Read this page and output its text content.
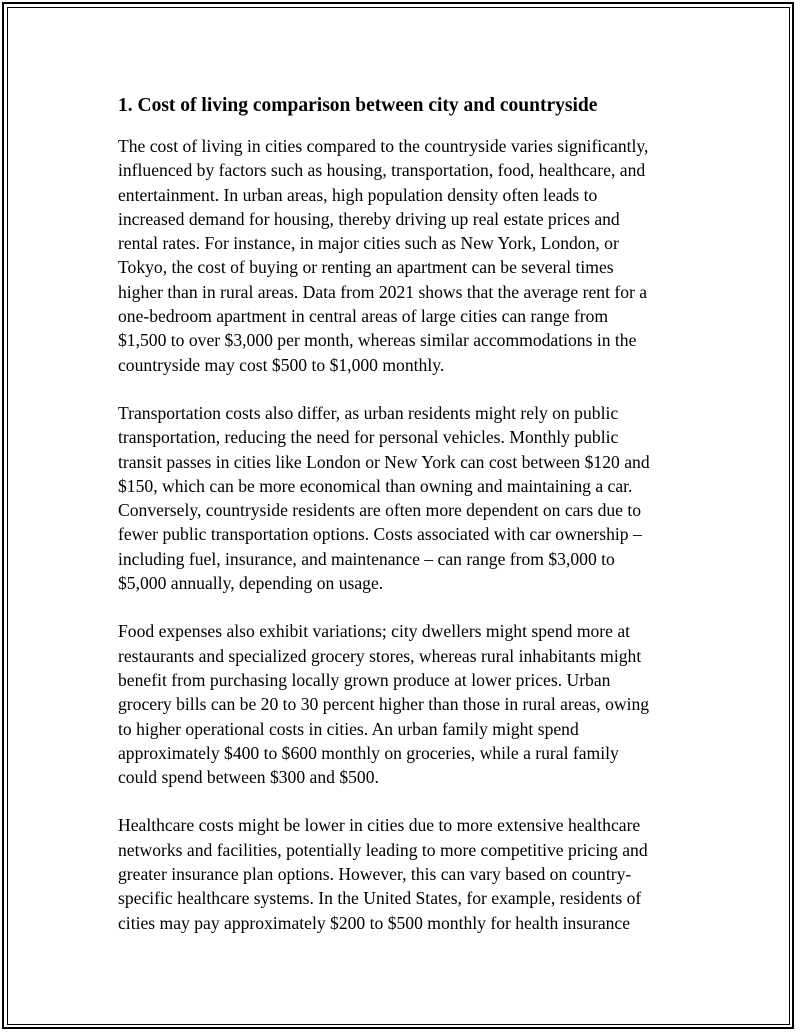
1. Cost of living comparison between city and countryside

The cost of living in cities compared to the countryside varies significantly,
influenced by factors such as housing, transportation, food, healthcare, and
entertainment. In urban areas, high population density often leads to
increased demand for housing, thereby driving up real estate prices and
rental rates. For instance, in major cities such as New York, London, or
Tokyo, the cost of buying or renting an apartment can be several times
higher than in rural areas. Data from 2021 shows that the average rent for a
one-bedroom apartment in central areas of large cities can range from
$1,500 to over $3,000 per month, whereas similar accommodations in the
countryside may cost $500 to $1,000 monthly.

Transportation costs also differ, as urban residents might rely on public
transportation, reducing the need for personal vehicles. Monthly public
transit passes in cities like London or New York can cost between $120 and
$150, which can be more economical than owning and maintaining a car.
Conversely, countryside residents are often more dependent on cars due to
fewer public transportation options. Costs associated with car ownership –
including fuel, insurance, and maintenance – can range from $3,000 to
$5,000 annually, depending on usage.

Food expenses also exhibit variations; city dwellers might spend more at
restaurants and specialized grocery stores, whereas rural inhabitants might
benefit from purchasing locally grown produce at lower prices. Urban
grocery bills can be 20 to 30 percent higher than those in rural areas, owing
to higher operational costs in cities. An urban family might spend
approximately $400 to $600 monthly on groceries, while a rural family
could spend between $300 and $500.

Healthcare costs might be lower in cities due to more extensive healthcare
networks and facilities, potentially leading to more competitive pricing and
greater insurance plan options. However, this can vary based on country-
specific healthcare systems. In the United States, for example, residents of
cities may pay approximately $200 to $500 monthly for health insurance
